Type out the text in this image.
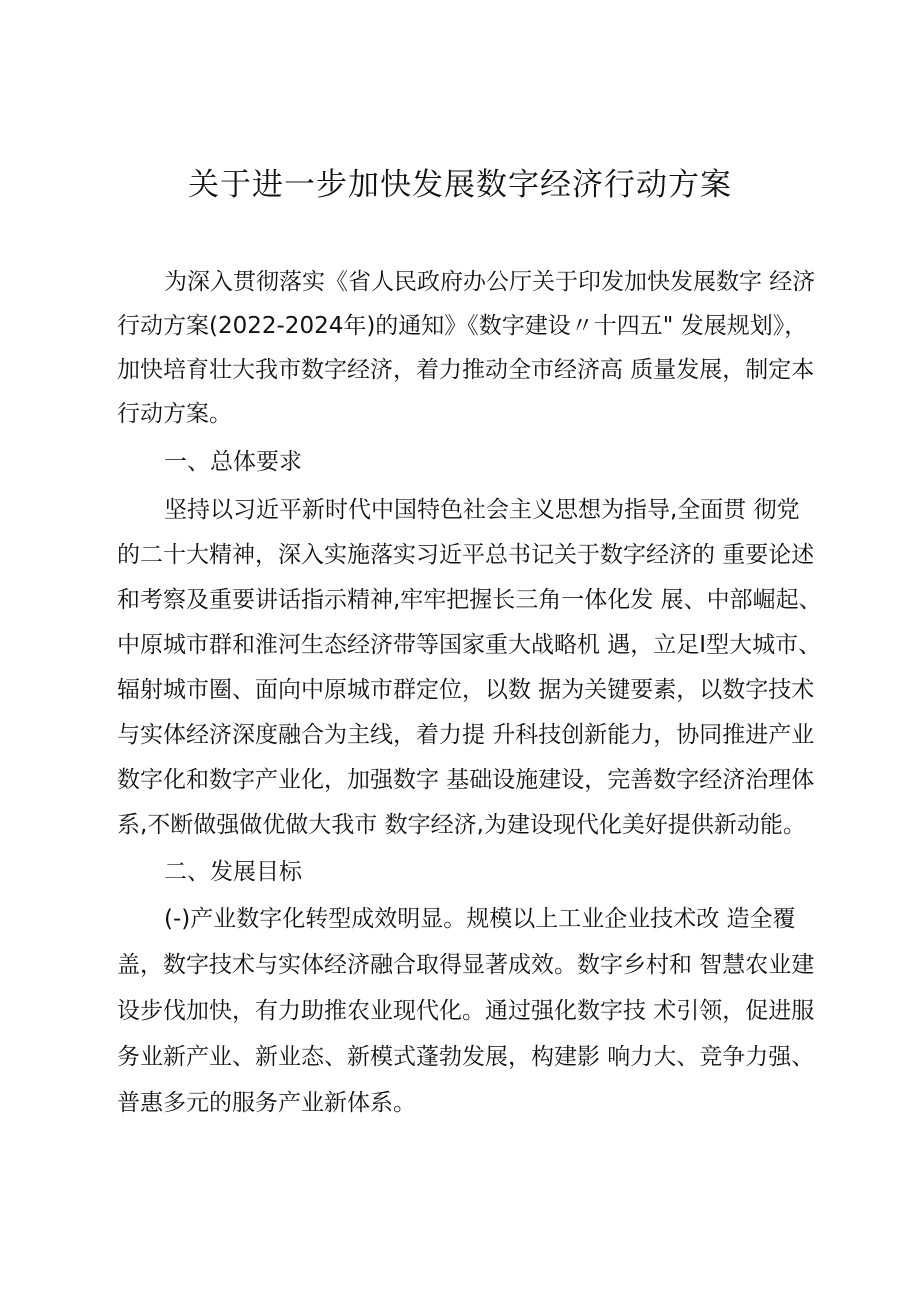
关于进一步加快发展数字经济行动方案
为深入贯彻落实《省人民政府办公厅关于印发加快发展数字 经济
行动方案(2022-2024年)的通知》《数字建设〃十四五" 发展规划》，
加快培育壮大我市数字经济，着力推动全市经济高 质量发展，制定本
行动方案。
一、总体要求
坚持以习近平新时代中国特色社会主义思想为指导,全面贯 彻党
的二十大精神，深入实施落实习近平总书记关于数字经济的 重要论述
和考察及重要讲话指示精神,牢牢把握长三角一体化发 展、中部崛起、
中原城市群和淮河生态经济带等国家重大战略机 遇，立足I型大城市、
辐射城市圈、面向中原城市群定位，以数 据为关键要素，以数字技术
与实体经济深度融合为主线，着力提 升科技创新能力，协同推进产业
数字化和数字产业化，加强数字 基础设施建设，完善数字经济治理体
系,不断做强做优做大我市 数字经济,为建设现代化美好提供新动能。
二、发展目标
(-)产业数字化转型成效明显。规模以上工业企业技术改 造全覆
盖，数字技术与实体经济融合取得显著成效。数字乡村和 智慧农业建
设步伐加快，有力助推农业现代化。通过强化数字技 术引领，促进服
务业新产业、新业态、新模式蓬勃发展，构建影 响力大、竞争力强、
普惠多元的服务产业新体系。
